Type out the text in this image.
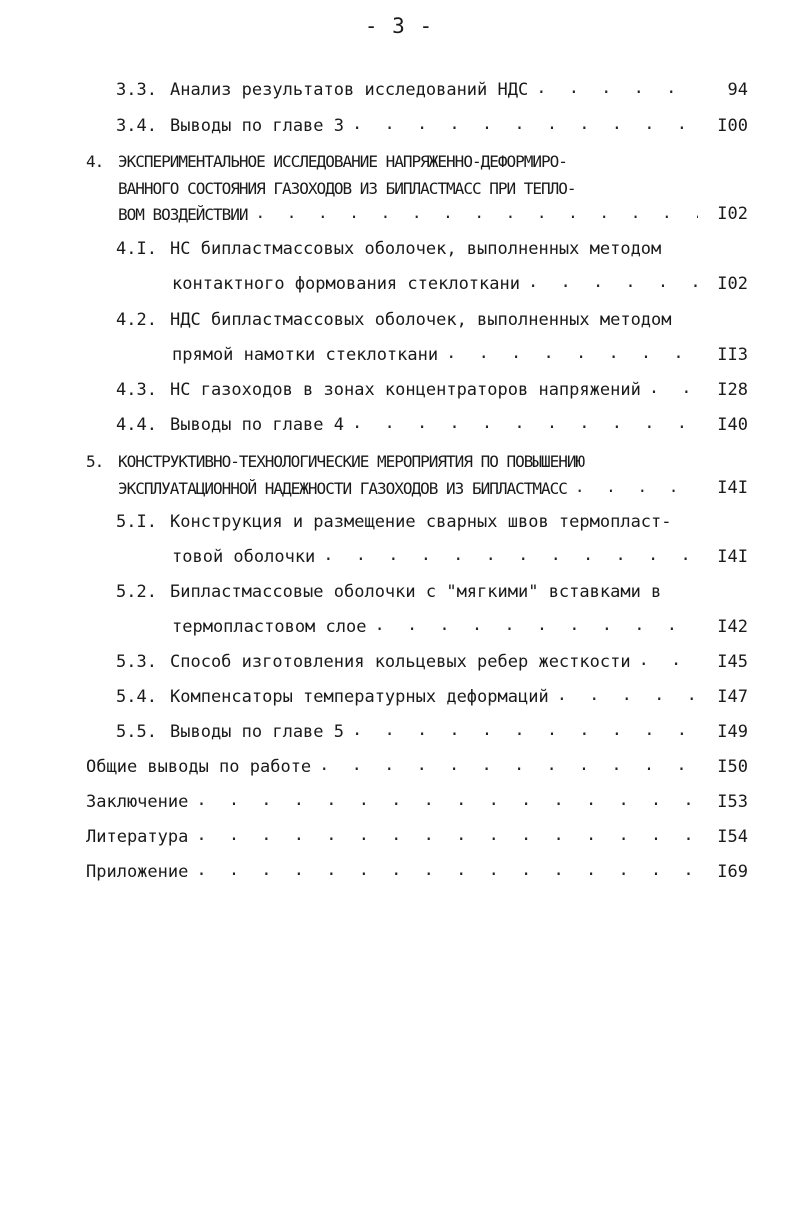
- 3 -
3.3. Анализ результатов исследований НДС . . .	94
3.4. Выводы по главе 3 . . .	I00
4. ЭКСПЕРИМЕНТАЛЬНОЕ ИССЛЕДОВАНИЕ НАПРЯЖЕННО-ДЕФОРМИРО-
ВАННОГО СОСТОЯНИЯ ГАЗОХОДОВ ИЗ БИПЛАСТМАСС ПРИ ТЕПЛО-
ВОМ ВОЗДЕЙСТВИИ . . .	I02
4.I. НС бипластмассовых оболочек, выполненных методом
контактного формования стеклоткани . . .	I02
4.2. НДС бипластмассовых оболочек, выполненных методом
прямой намотки стеклоткани . . .	II3
4.3. НС газоходов в зонах концентраторов напряжений . . .	I28
4.4. Выводы по главе 4 . . .	I40
5. КОНСТРУКТИВНО-ТЕХНОЛОГИЧЕСКИЕ МЕРОПРИЯТИЯ ПО ПОВЫШЕНИЮ
ЭКСПЛУАТАЦИОННОЙ НАДЕЖНОСТИ ГАЗОХОДОВ ИЗ БИПЛАСТМАСС . . .	I4I
5.I. Конструкция и размещение сварных швов термопласт-
товой оболочки . . .	I4I
5.2. Бипластмассовые оболочки с "мягкими" вставками в
термопластовом слое . . .	I42
5.3. Способ изготовления кольцевых ребер жесткости . . .	I45
5.4. Компенсаторы температурных деформаций . . .	I47
5.5. Выводы по главе 5 . . .	I49
Общие выводы по работе . . .	I50
Заключение . . .	I53
Литература . . .	I54
Приложение . . .	I69
